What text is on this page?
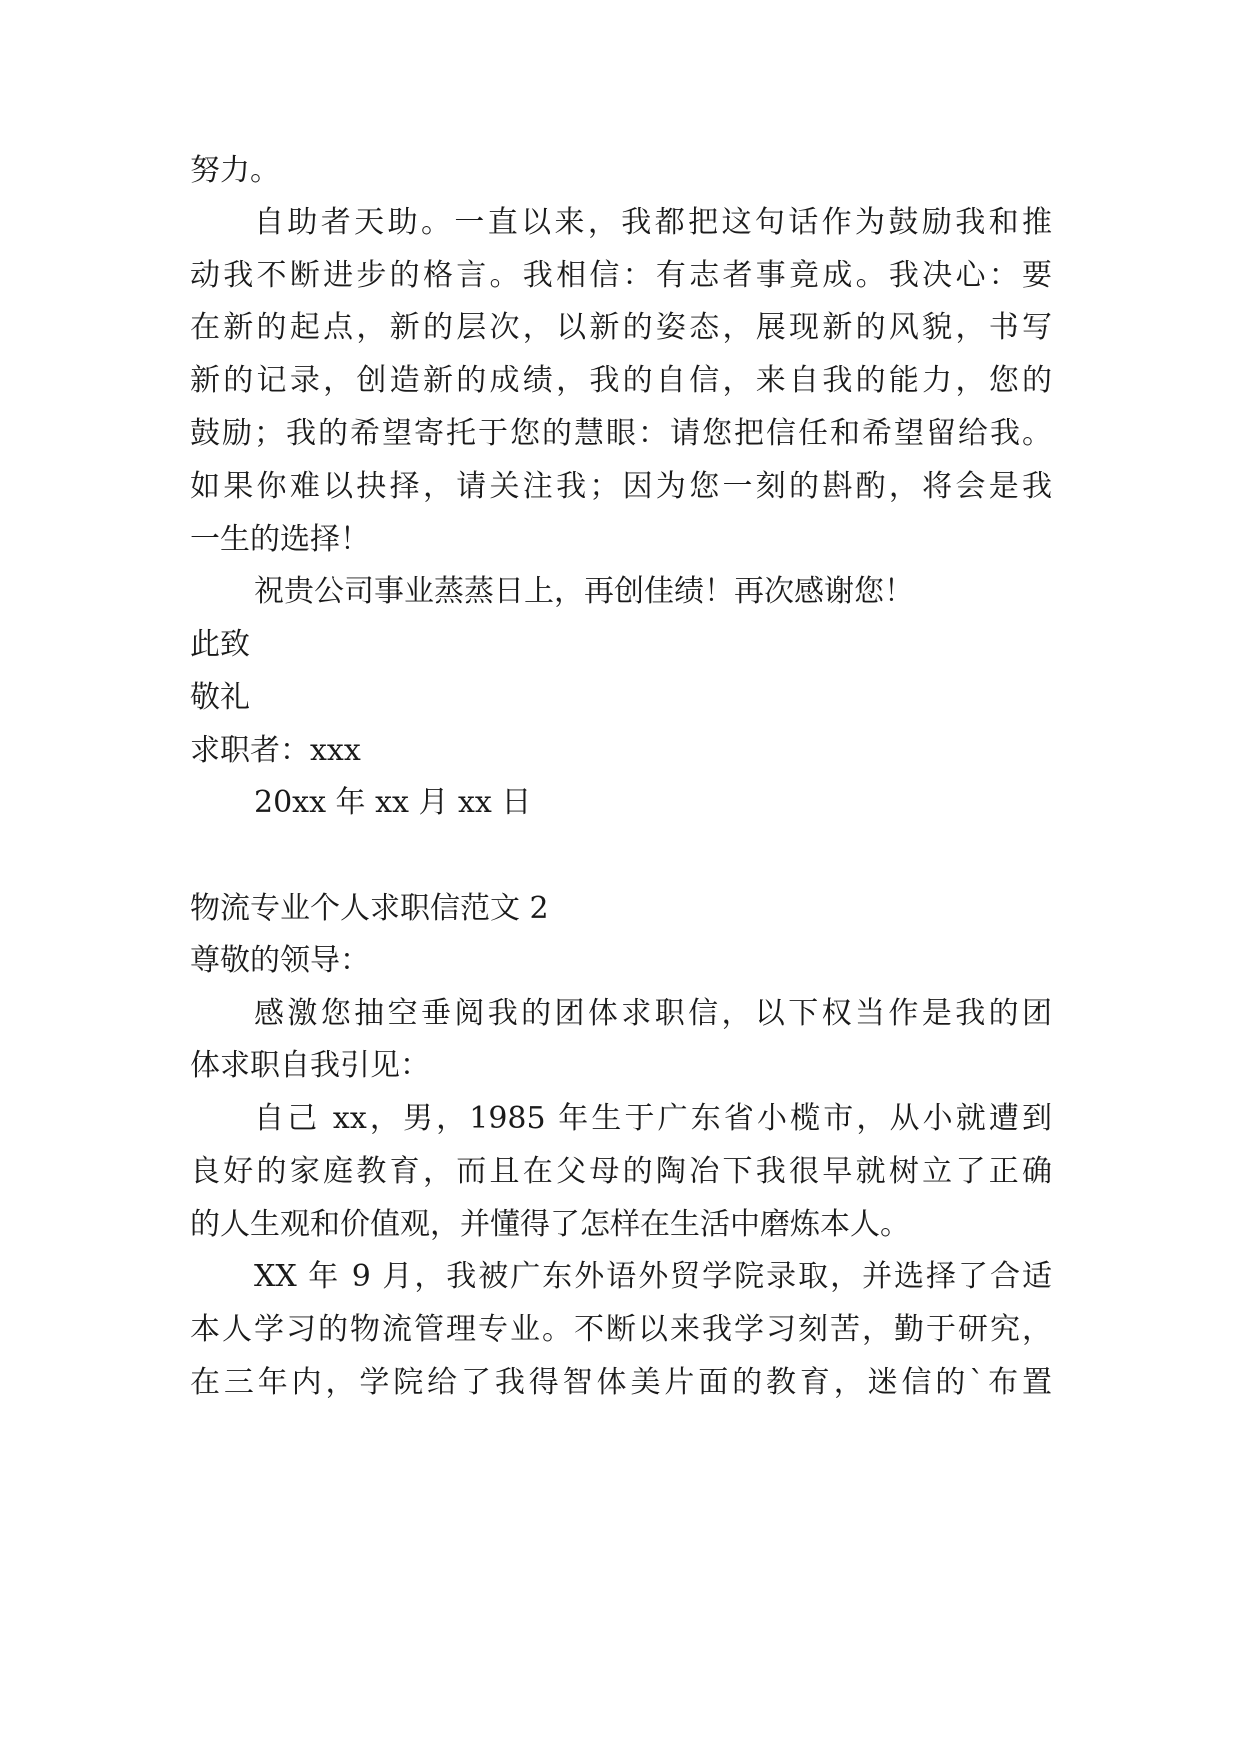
努力。
自助者天助。一直以来，我都把这句话作为鼓励我和推
动我不断进步的格言。我相信：有志者事竟成。我决心：要
在新的起点，新的层次，以新的姿态，展现新的风貌，书写
新的记录，创造新的成绩，我的自信，来自我的能力，您的
鼓励；我的希望寄托于您的慧眼：请您把信任和希望留给我。
如果你难以抉择，请关注我；因为您一刻的斟酌，将会是我
一生的选择！
祝贵公司事业蒸蒸日上，再创佳绩！再次感谢您！
此致
敬礼
求职者：xxx
20xx 年 xx 月 xx 日
物流专业个人求职信范文 2
尊敬的领导：
感激您抽空垂阅我的团体求职信，以下权当作是我的团
体求职自我引见：
自己 xx，男，1985 年生于广东省小榄市，从小就遭到
良好的家庭教育，而且在父母的陶冶下我很早就树立了正确
的人生观和价值观，并懂得了怎样在生活中磨炼本人。
XX 年 9 月，我被广东外语外贸学院录取，并选择了合适
本人学习的物流管理专业。不断以来我学习刻苦，勤于研究，
在三年内，学院给了我得智体美片面的教育，迷信的`布置
